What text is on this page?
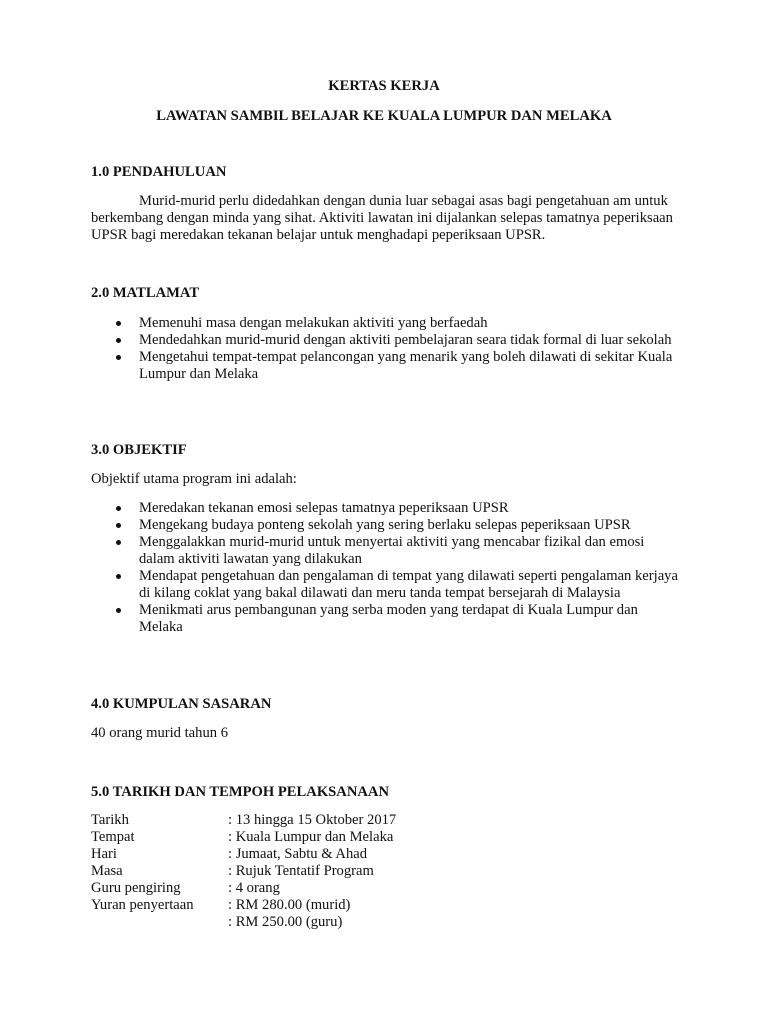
KERTAS KERJA
LAWATAN SAMBIL BELAJAR KE KUALA LUMPUR DAN MELAKA
1.0 PENDAHULUAN

Murid-murid perlu didedahkan dengan dunia luar sebagai asas bagi pengetahuan am untuk berkembang dengan minda yang sihat. Aktiviti lawatan ini dijalankan selepas tamatnya peperiksaan UPSR bagi meredakan tekanan belajar untuk menghadapi peperiksaan UPSR.

2.0 MATLAMAT
Memenuhi masa dengan melakukan aktiviti yang berfaedah
Mendedahkan murid-murid dengan aktiviti pembelajaran seara tidak formal di luar sekolah
Mengetahui tempat-tempat pelancongan yang menarik yang boleh dilawati di sekitar Kuala Lumpur dan Melaka
3.0 OBJEKTIF

Objektif utama program ini adalah:

Meredakan tekanan emosi selepas tamatnya peperiksaan UPSR
Mengekang budaya ponteng sekolah yang sering berlaku selepas peperiksaan UPSR
Menggalakkan murid-murid untuk menyertai aktiviti yang mencabar fizikal dan emosi dalam aktiviti lawatan yang dilakukan
Mendapat pengetahuan dan pengalaman di tempat yang dilawati seperti pengalaman kerjaya di kilang coklat yang bakal dilawati dan meru tanda tempat bersejarah di Malaysia
Menikmati arus pembangunan yang serba moden yang terdapat di Kuala Lumpur dan Melaka
4.0 KUMPULAN SASARAN

40 orang murid tahun 6

5.0 TARIKH DAN TEMPOH PELAKSANAAN
Tarikh	: 13 hingga 15 Oktober 2017
Tempat	: Kuala Lumpur dan Melaka
Hari	: Jumaat, Sabtu & Ahad
Masa	: Rujuk Tentatif Program
Guru pengiring	: 4 orang
Yuran penyertaan	: RM 280.00 (murid)
: RM 250.00 (guru)
